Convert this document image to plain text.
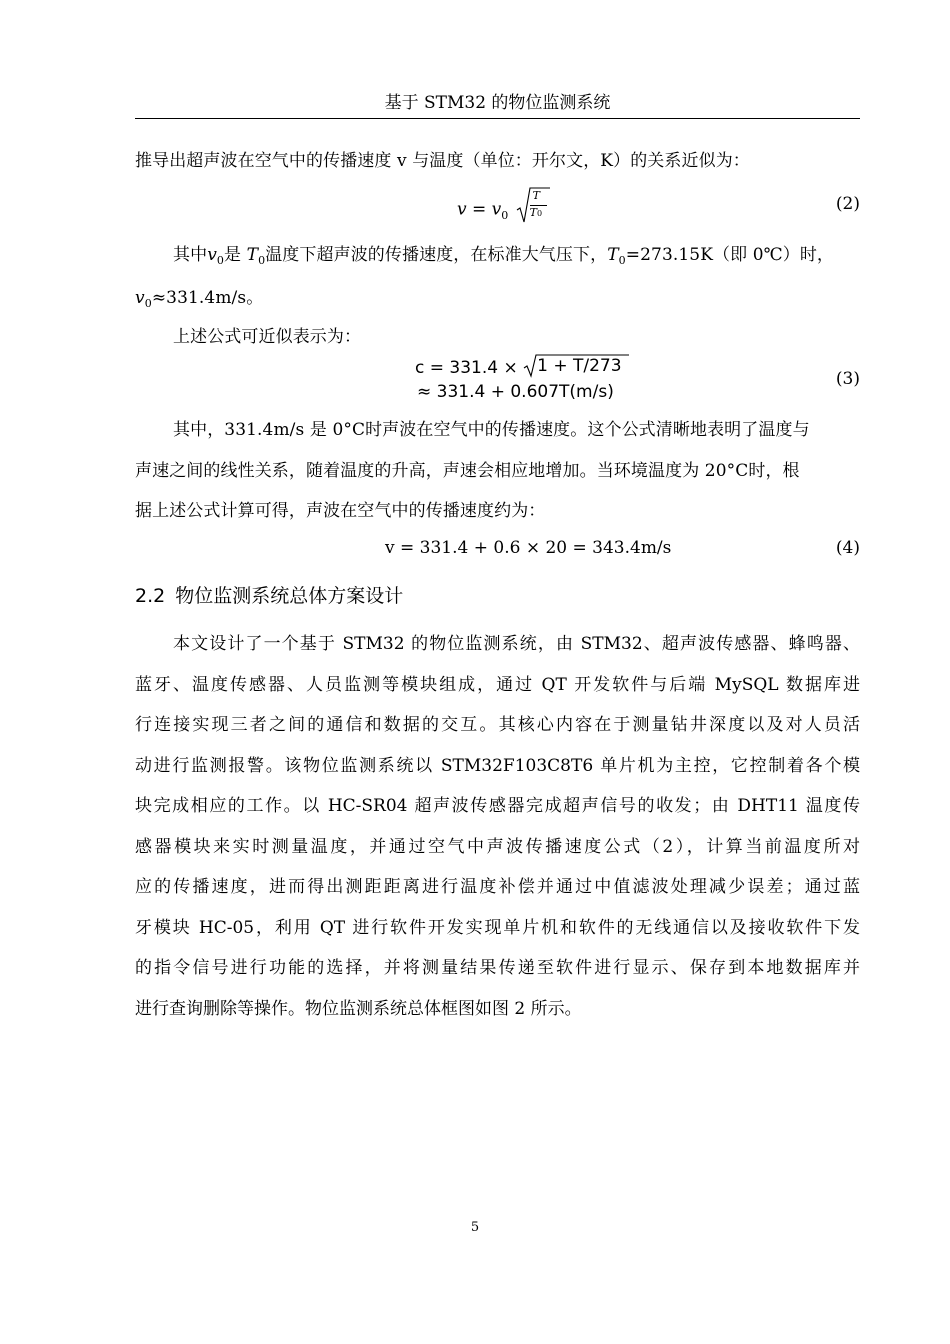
基于 STM32 的物位监测系统
推导出超声波在空气中的传播速度 v 与温度（单位：开尔文，K）的关系近似为：
$v = v_0 \frac{T}{T0}$	(2)
其中$v_0$是 $T_0$温度下超声波的传播速度，在标准大气压下，$T_0=273.15K$（即 0℃）时，
$v_0\approx 331.4m/s$。
上述公式可近似表示为：
c = 331.4 × 1 + T/273
≈ 331.4 + 0.607T(m/s)
(3)
其中，331.4m/s 是 0°C时声波在空气中的传播速度。这个公式清晰地表明了温度与
声速之间的线性关系，随着温度的升高，声速会相应地增加。当环境温度为 20°C时，根
据上述公式计算可得，声波在空气中的传播速度约为：
v = 331.4 + 0.6 × 20 = 343.4m/s	(4)
2.2 物位监测系统总体方案设计
本文设计了一个基于 STM32 的物位监测系统，由 STM32、超声波传感器、蜂鸣器、
蓝牙、温度传感器、人员监测等模块组成，通过 QT 开发软件与后端 MySQL 数据库进
行连接实现三者之间的通信和数据的交互。其核心内容在于测量钻井深度以及对人员活
动进行监测报警。该物位监测系统以 STM32F103C8T6 单片机为主控，它控制着各个模
块完成相应的工作。以 HC-SR04 超声波传感器完成超声信号的收发；由 DHT11 温度传
感器模块来实时测量温度，并通过空气中声波传播速度公式（2），计算当前温度所对
应的传播速度，进而得出测距距离进行温度补偿并通过中值滤波处理减少误差；通过蓝
牙模块 HC-05，利用 QT 进行软件开发实现单片机和软件的无线通信以及接收软件下发
的指令信号进行功能的选择，并将测量结果传递至软件进行显示、保存到本地数据库并
进行查询删除等操作。物位监测系统总体框图如图 2 所示。
5
